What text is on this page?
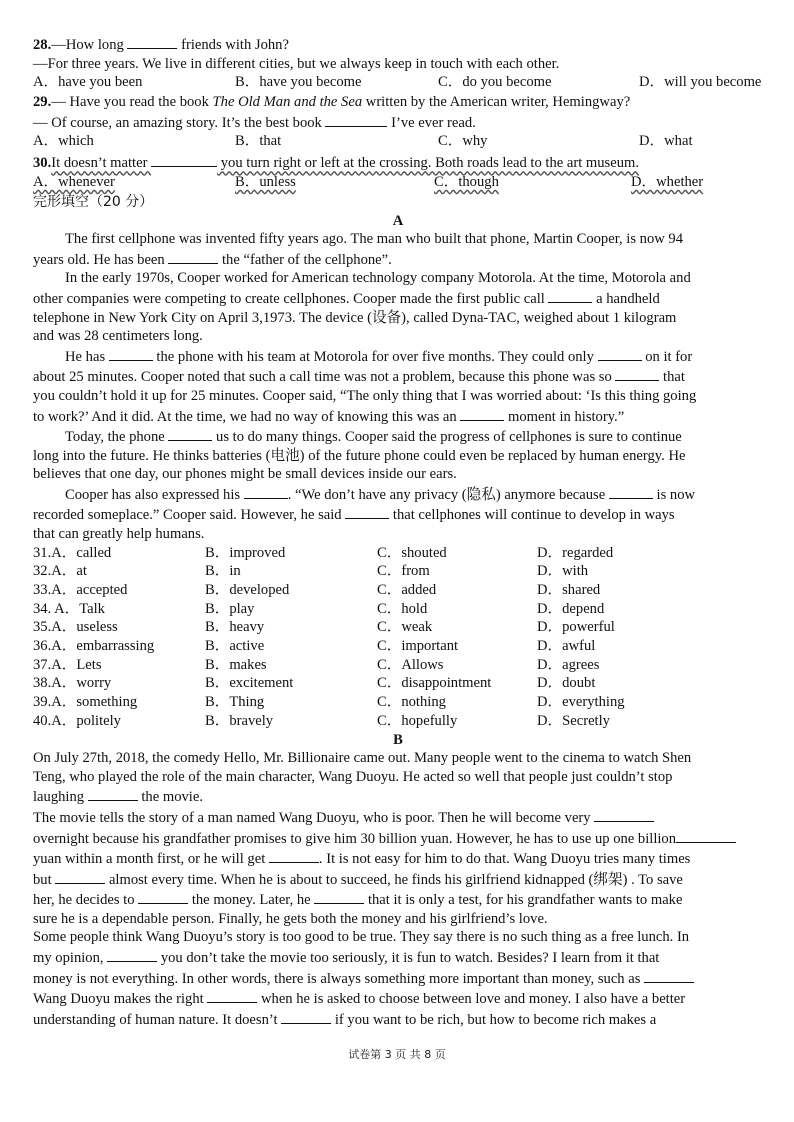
28.—How long	friends with John?
—For three years. We live in different cities, but we always keep in touch with each other.
A．have you been	B．have you become	C．do you become	D．will you become
29.— Have you read the book The Old Man and the Sea written by the American writer, Hemingway?
— Of course, an amazing story. It’s the best book	I’ve ever read.
A．which	B．that	C．why	D．what
30.It doesn’t matter	you turn right or left at the crossing. Both roads lead to the art museum.
A．whenever	B．unless	C．though	D．whether
完形填空（20 分）
A
The first cellphone was invented fifty years ago. The man who built that phone, Martin Cooper, is now 94
years old. He has been	the “father of the cellphone”.
In the early 1970s, Cooper worked for American technology company Motorola. At the time, Motorola and
other companies were competing to create cellphones. Cooper made the first public call	a handheld
telephone in New York City on April 3,1973. The device (设备), called Dyna-TAC, weighed about 1 kilogram
and was 28 centimeters long.
He has	the phone with his team at Motorola for over five months. They could only	on it for
about 25 minutes. Cooper noted that such a call time was not a problem, because this phone was so	that
you couldn’t hold it up for 25 minutes. Cooper said, “The only thing that I was worried about: ‘Is this thing going
to work?’ And it did. At the time, we had no way of knowing this was an	moment in history.”
Today, the phone	us to do many things. Cooper said the progress of cellphones is sure to continue
long into the future. He thinks batteries (电池) of the future phone could even be replaced by human energy. He
believes that one day, our phones might be small devices inside our ears.
Cooper has also expressed his	. “We don’t have any privacy (隐私) anymore because	is now
recorded someplace.” Cooper said. However, he said	that cellphones will continue to develop in ways
that can greatly help humans.
31.A．called	B．improved	C．shouted	D．regarded
32.A．at	B．in	C．from	D．with
33.A．accepted	B．developed	C．added	D．shared
34. A．Talk	B．play	C．hold	D．depend
35.A．useless	B．heavy	C．weak	D．powerful
36.A．embarrassing	B．active	C．important	D．awful
37.A．Lets	B．makes	C．Allows	D．agrees
38.A．worry	B．excitement	C．disappointment	D．doubt
39.A．something	B．Thing	C．nothing	D．everything
40.A．politely	B．bravely	C．hopefully	D．Secretly
B
On July 27th, 2018, the comedy Hello, Mr. Billionaire came out. Many people went to the cinema to watch Shen
Teng, who played the role of the main character, Wang Duoyu. He acted so well that people just couldn’t stop
laughing	the movie.
The movie tells the story of a man named Wang Duoyu, who is poor. Then he will become very
overnight because his grandfather promises to give him 30 billion yuan. However, he has to use up one billion
yuan within a month first, or he will get	. It is not easy for him to do that. Wang Duoyu tries many times
but	almost every time. When he is about to succeed, he finds his girlfriend kidnapped (绑架) . To save
her, he decides to	the money. Later, he	that it is only a test, for his grandfather wants to make
sure he is a dependable person. Finally, he gets both the money and his girlfriend’s love.
Some people think Wang Duoyu’s story is too good to be true. They say there is no such thing as a free lunch. In
my opinion,	you don’t take the movie too seriously, it is fun to watch. Besides? I learn from it that
money is not everything. In other words, there is always something more important than money, such as
Wang Duoyu makes the right	when he is asked to choose between love and money. I also have a better
understanding of human nature. It doesn’t	if you want to be rich, but how to become rich makes a
试卷第 3 页 共 8 页
